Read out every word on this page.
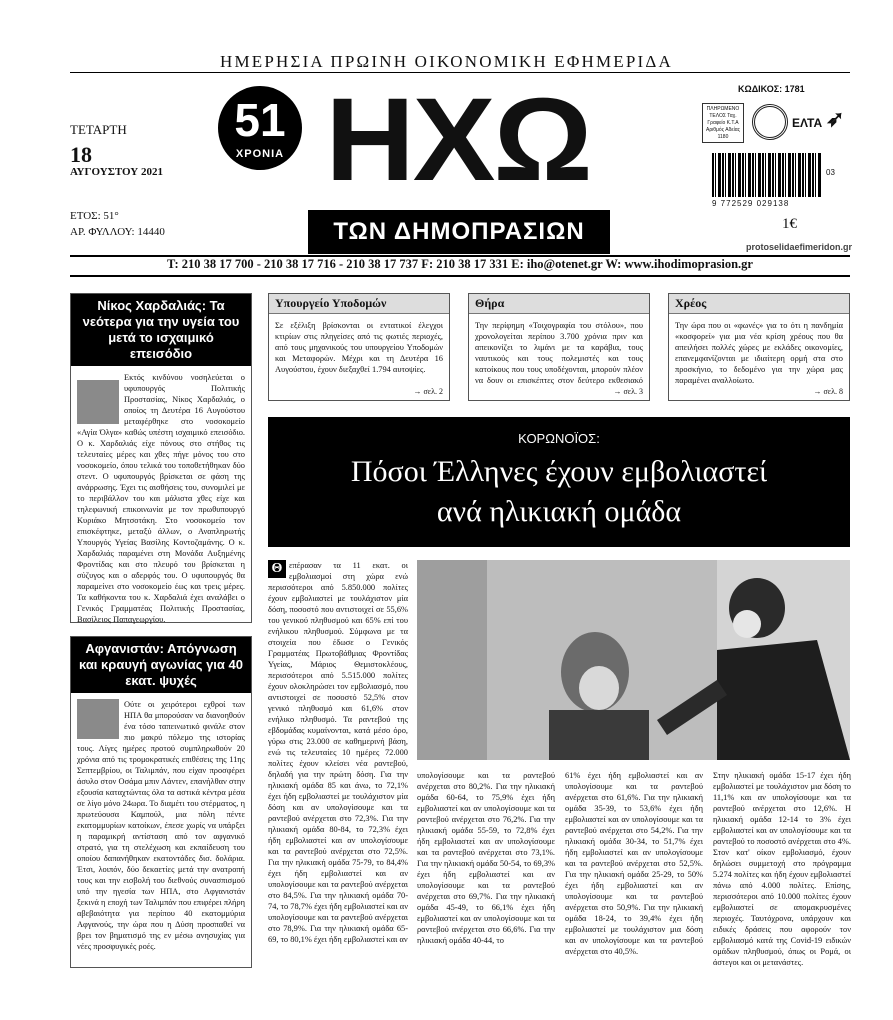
ΗΜΕΡΗΣΙΑ ΠΡΩΙΝΗ ΟΙΚΟΝΟΜΙΚΗ ΕΦΗΜΕΡΙΔΑ
ΤΕΤΑΡΤΗ
18
ΑΥΓΟΥΣΤΟΥ 2021
ΕΤΟΣ: 51°
ΑΡ. ΦΥΛΛΟΥ: 14440
51
ΧΡΟΝΙΑ ΗΧΩ
ΤΩΝ ΔΗΜΟΠΡΑΣΙΩΝ
ΚΩΔΙΚΟΣ: 1781
ΠΛΗΡΩΜΕΝΟ ΤΕΛΟΣ Ταχ. Γραφείο Κ.Τ.Α Αριθμός Αδείας 1180
ΕΛΤΑ ➶
03
9 772529 029138
1€
protoselidaefimeridon.gr
T: 210 38 17 700 - 210 38 17 716 - 210 38 17 737 F: 210 38 17 331 E: iho@otenet.gr W: www.ihodimoprasion.gr
Νίκος Χαρδαλιάς: Τα νεότερα για την υγεία του μετά το ισχαιμικό επεισόδιο
Εκτός κινδύνου νοσηλεύεται ο υφυπουργός Πολιτικής Προστασίας, Νίκος Χαρδαλιάς, ο οποίος τη Δευτέρα 16 Αυγούστου μεταφέρθηκε στο νοσοκομείο «Αγία Όλγα» καθώς υπέστη ισχαιμικό επεισόδιο. Ο κ. Χαρδαλιάς είχε πόνους στο στήθος τις τελευταίες μέρες και χθες πήγε μόνος του στο νοσοκομείο, όπου τελικά του τοποθετήθηκαν δύο στεντ. Ο υφυπουργός βρίσκεται σε φάση της ανάρρωσης. Έχει τις αισθήσεις του, συνομιλεί με το περιβάλλον του και μάλιστα χθες είχε και τηλεφωνική επικοινωνία με τον πρωθυπουργό Κυριάκο Μητσοτάκη. Στο νοσοκομείο τον επισκέφτηκε, μεταξύ άλλων, ο Αναπληρωτής Υπουργός Υγείας Βασίλης Κοντοζαμάνης. Ο κ. Χαρδαλιάς παραμένει στη Μονάδα Αυξημένης Φροντίδας και στο πλευρό του βρίσκεται η σύζυγος και ο αδερφός του. Ο υφυπουργός θα παραμείνει στο νοσοκομείο έως και τρεις μέρες. Τα καθήκοντα του κ. Χαρδαλιά έχει αναλάβει ο Γενικός Γραμματέας Πολιτικής Προστασίας, Βασίλειος Παπαγεωργίου.
Αφγανιστάν: Απόγνωση και κραυγή αγωνίας για 40 εκατ. ψυχές
Ούτε οι χειρότεροι εχθροί των ΗΠΑ θα μπορούσαν να διανοηθούν ένα τόσο ταπεινωτικό φινάλε στον πιο μακρύ πόλεμο της ιστορίας τους. Λίγες ημέρες προτού συμπληρωθούν 20 χρόνια από τις τρομοκρατικές επιθέσεις της 11ης Σεπτεμβρίου, οι Ταλιμπάν, που είχαν προσφέρει άσυλο στον Οσάμα μπιν Λάντεν, επανήλθαν στην εξουσία καταχτώντας όλα τα αστικά κέντρα μέσα σε λίγο μόνο 24ωρα. Το διαμέτι του στέρματος, η πρωτεύουσα Καμπούλ, μια πόλη πέντε εκατομμυρίων κατοίκων, έπεσε χωρίς να υπάρξει η παραμικρή αντίσταση από τον αφγανικό στρατό, για τη στελέχωση και εκπαίδευση του οποίου δαπανήθηκαν εκατοντάδες δισ. δολάρια. Έτσι, λοιπόν, δύο δεκαετίες μετά την ανατροπή τους και την εισβολή του διεθνούς συνασπισμού υπό την ηγεσία των ΗΠΑ, στο Αφγανιστάν ξεκινά η εποχή των Ταλιμπάν που επιφέρει πλήρη αβεβαιότητα για περίπου 40 εκατομμύρια Αφγανούς, την ώρα που η Δύση προσπαθεί να βρει τον βηματισμό της εν μέσω ανησυχίας για νέες προσφυγικές ροές.
Υπουργείο Υποδομών
Σε εξέλιξη βρίσκονται οι εντατικοί έλεγχοι κτιρίων στις πληγείσες από τις φωτιές περιοχές, από τους μηχανικούς του υπουργείου Υποδομών και Μεταφορών. Μέχρι και τη Δευτέρα 16 Αυγούστου, έχουν διεξαχθεί 1.794 αυτοψίες.
→ σελ. 2
Θήρα
Την περίφημη «Τοιχογραφία του στόλου», που χρονολογείται περίπου 3.700 χρόνια πριν και απεικονίζει το λιμάνι με τα καράβια, τους ναυτικούς και τους πολεμιστές και τους κατοίκους που τους υποδέχονται, μπορούν πλέον να δουν οι επισκέπτες στον δεύτερο εκθεσιακό
→ σελ. 3
Χρέος
Την ώρα που οι «φωνές» για το ότι η πανδημία «κοσφορεί» για μια νέα κρίση χρέους που θα απειλήσει πολλές χώρες με εκλάδες οικονομίες, επανεμφανίζονται με ιδιαίτερη ορμή στα στο προσκήνιο, το δεδομένο για την χώρα μας παραμένει αναλλοίωτο.
→ σελ. 8
ΚΟΡΩΝΟΪΟΣ:
Πόσοι Έλληνες έχουν εμβολιαστεί
ανά ηλικιακή ομάδα
Θ επέρασαν τα 11 εκατ. οι εμβολιασμοί στη χώρα ενώ περισσότεροι από 5.850.000 πολίτες έχουν εμβολιαστεί με τουλάχιστον μία δόση, ποσοστό που αντιστοιχεί σε 55,6% του γενικού πληθυσμού και 65% επί του ενήλικου πληθυσμού. Σύμφωνα με τα στοιχεία που έδωσε ο Γενικός Γραμματέας Πρωτοβάθμιας Φροντίδας Υγείας, Μάριος Θεμιστοκλέους, περισσότεροι από 5.515.000 πολίτες έχουν ολοκληρώσει τον εμβολιασμό, που αντιστοιχεί σε ποσοστό 52,5% στον γενικό πληθυσμό και 61,6% στον ενήλικο πληθυσμό. Τα ραντεβού της εβδομάδας κυμαίνονται, κατά μέσο όρο, γύρω στις 23.000 σε καθημερινή βάση, ενώ τις τελευταίες 10 ημέρες 72.000 πολίτες έχουν κλείσει νέα ραντεβού, δηλαδή για την πρώτη δόση. Για την ηλικιακή ομάδα 85 και άνω, το 72,1% έχει ήδη εμβολιαστεί με τουλάχιστον μία δόση και αν υπολογίσουμε και τα ραντεβού ανέρχεται στο 72,3%. Για την ηλικιακή ομάδα 80-84, το 72,3% έχει ήδη εμβολιαστεί και αν υπολογίσουμε και τα ραντεβού ανέρχεται στο 72,5%. Για την ηλικιακή ομάδα 75-79, το 84,4% έχει ήδη εμβολιαστεί και αν υπολογίσουμε και τα ραντεβού ανέρχεται στο 84,5%. Για την ηλικιακή ομάδα 70-74, το 78,7% έχει ήδη εμβολιαστεί και αν υπολογίσουμε και τα ραντεβού ανέρχεται στο 78,9%. Για την ηλικιακή ομάδα 65-69, το 80,1% έχει ήδη εμβολιαστεί και αν
υπολογίσουμε και τα ραντεβού ανέρχεται στο 80,2%. Για την ηλικιακή ομάδα 60-64, το 75,9% έχει ήδη εμβολιαστεί και αν υπολογίσουμε και τα ραντεβού ανέρχεται στο 76,2%. Για την ηλικιακή ομάδα 55-59, το 72,8% έχει ήδη εμβολιαστεί και αν υπολογίσουμε και τα ραντεβού ανέρχεται στο 73,1%. Για την ηλικιακή ομάδα 50-54, το 69,3% έχει ήδη εμβολιαστεί και αν υπολογίσουμε και τα ραντεβού ανέρχεται στο 69,7%. Για την ηλικιακή ομάδα 45-49, το 66,1% έχει ήδη εμβολιαστεί και αν υπολογίσουμε και τα ραντεβού ανέρχεται στο 66,6%. Για την ηλικιακή ομάδα 40-44, το
61% έχει ήδη εμβολιαστεί και αν υπολογίσουμε και τα ραντεβού ανέρχεται στο 61,6%. Για την ηλικιακή ομάδα 35-39, το 53,6% έχει ήδη εμβολιαστεί και αν υπολογίσουμε και τα ραντεβού ανέρχεται στο 54,2%. Για την ηλικιακή ομάδα 30-34, το 51,7% έχει ήδη εμβολιαστεί και αν υπολογίσουμε και τα ραντεβού ανέρχεται στο 52,5%. Για την ηλικιακή ομάδα 25-29, το 50% έχει ήδη εμβολιαστεί και αν υπολογίσουμε και τα ραντεβού ανέρχεται στο 50,9%. Για την ηλικιακή ομάδα 18-24, το 39,4% έχει ήδη εμβολιαστεί με τουλάχιστον μια δόση και αν υπολογίσουμε και τα ραντεβού ανέρχεται στο 40,5%.
Στην ηλικιακή ομάδα 15-17 έχει ήδη εμβολιαστεί με τουλάχιστον μια δόση το 11,1% και αν υπολογίσουμε και τα ραντεβού ανέρχεται στο 12,6%. Η ηλικιακή ομάδα 12-14 το 3% έχει εμβολιαστεί και αν υπολογίσουμε και τα ραντεβού το ποσοστό ανέρχεται στο 4%. Στον κατ' οίκον εμβολιασμό, έχουν δηλώσει συμμετοχή στο πρόγραμμα 5.274 πολίτες και ήδη έχουν εμβολιαστεί πάνω από 4.000 πολίτες. Επίσης, περισσότεροι από 10.000 πολίτες έχουν εμβολιαστεί σε απομακρυσμένες περιοχές. Ταυτόχρονα, υπάρχουν και ειδικές δράσεις που αφορούν τον εμβολιασμό κατά της Covid-19 ειδικών ομάδων πληθυσμού, όπως οι Ρομά, οι άστεγοι και οι μετανάστες.
